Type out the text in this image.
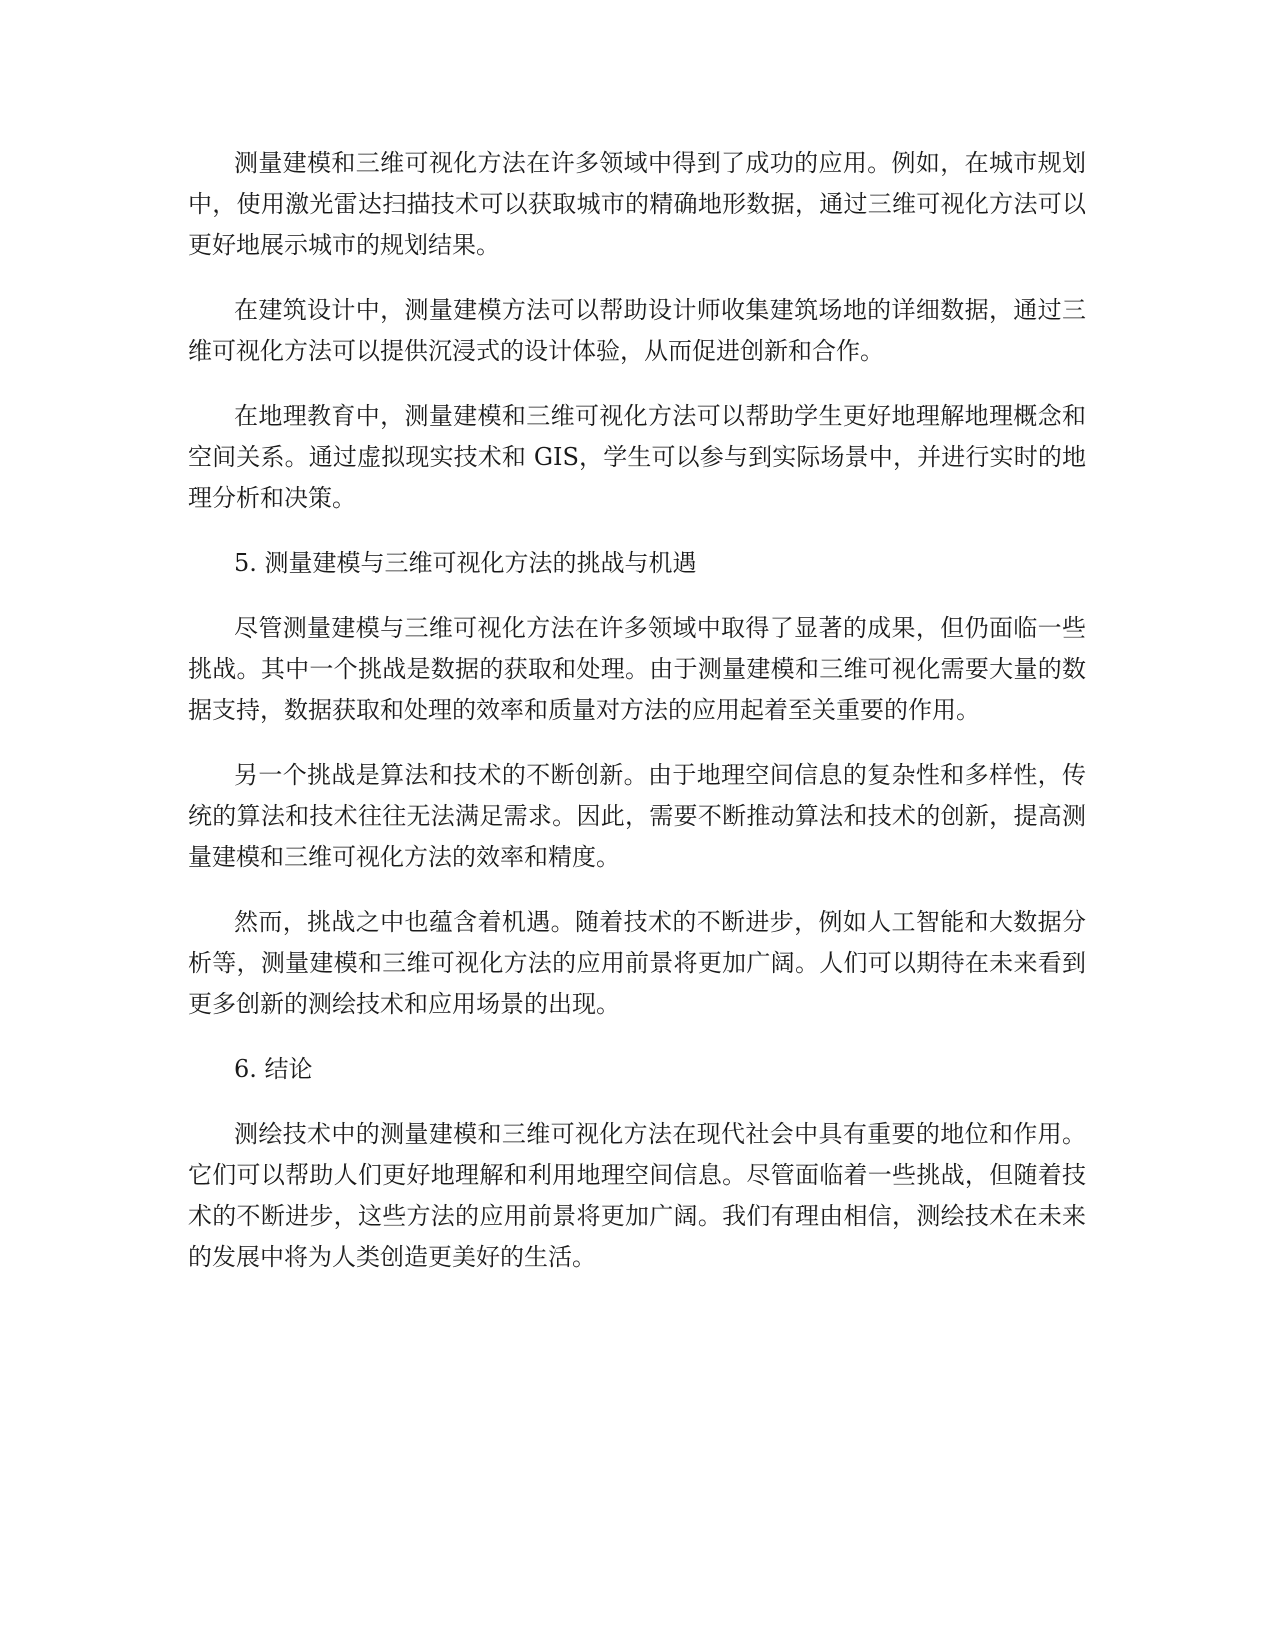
测量建模和三维可视化方法在许多领域中得到了成功的应用。例如，在城市规划中，使用激光雷达扫描技术可以获取城市的精确地形数据，通过三维可视化方法可以更好地展示城市的规划结果。

在建筑设计中，测量建模方法可以帮助设计师收集建筑场地的详细数据，通过三维可视化方法可以提供沉浸式的设计体验，从而促进创新和合作。

在地理教育中，测量建模和三维可视化方法可以帮助学生更好地理解地理概念和空间关系。通过虚拟现实技术和 GIS，学生可以参与到实际场景中，并进行实时的地理分析和决策。

5. 测量建模与三维可视化方法的挑战与机遇

尽管测量建模与三维可视化方法在许多领域中取得了显著的成果，但仍面临一些挑战。其中一个挑战是数据的获取和处理。由于测量建模和三维可视化需要大量的数据支持，数据获取和处理的效率和质量对方法的应用起着至关重要的作用。

另一个挑战是算法和技术的不断创新。由于地理空间信息的复杂性和多样性，传统的算法和技术往往无法满足需求。因此，需要不断推动算法和技术的创新，提高测量建模和三维可视化方法的效率和精度。

然而，挑战之中也蕴含着机遇。随着技术的不断进步，例如人工智能和大数据分析等，测量建模和三维可视化方法的应用前景将更加广阔。人们可以期待在未来看到更多创新的测绘技术和应用场景的出现。

6. 结论

测绘技术中的测量建模和三维可视化方法在现代社会中具有重要的地位和作用。它们可以帮助人们更好地理解和利用地理空间信息。尽管面临着一些挑战，但随着技术的不断进步，这些方法的应用前景将更加广阔。我们有理由相信，测绘技术在未来的发展中将为人类创造更美好的生活。
